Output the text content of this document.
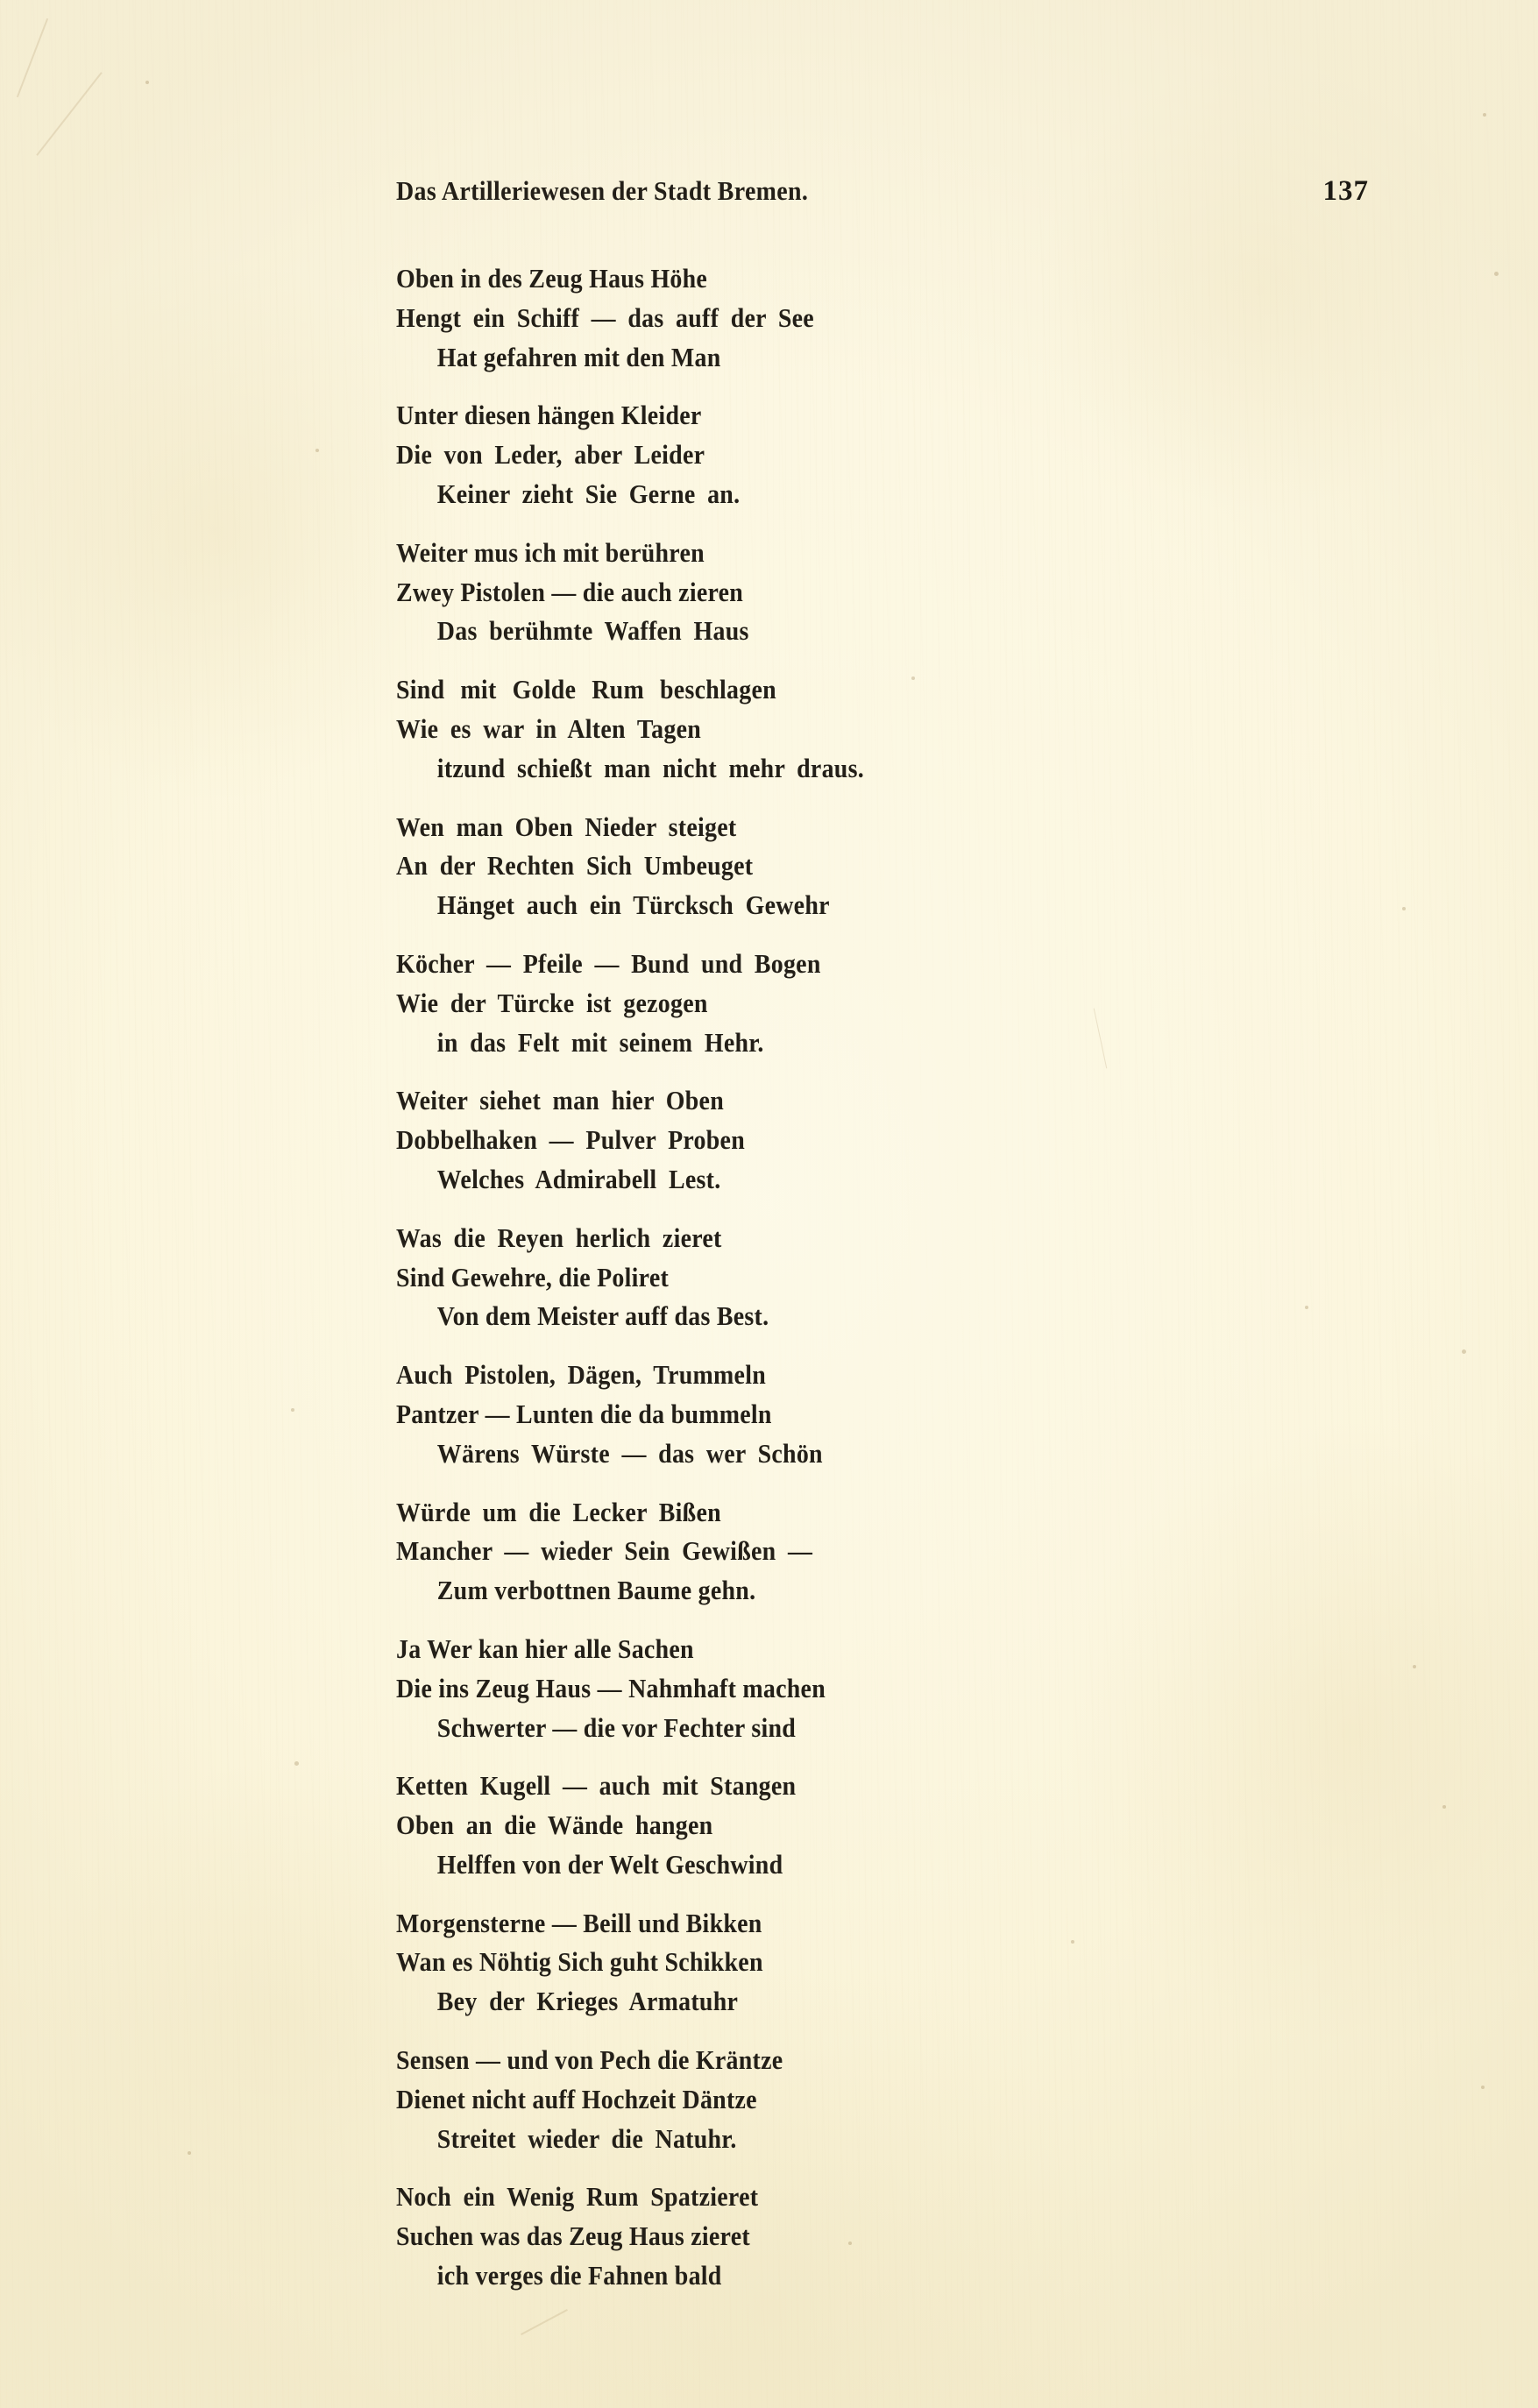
Das Artilleriewesen der Stadt Bremen.	137
Oben in des Zeug Haus Höhe
Hengt ein Schiff — das auff der See
Hat gefahren mit den Man
Unter diesen hängen Kleider
Die von Leder, aber Leider
Keiner zieht Sie Gerne an.
Weiter mus ich mit berühren
Zwey Pistolen — die auch zieren
Das berühmte Waffen Haus
Sind mit Golde Rum beschlagen
Wie es war in Alten Tagen
itzund schießt man nicht mehr draus.
Wen man Oben Nieder steiget
An der Rechten Sich Umbeuget
Hänget auch ein Türcksch Gewehr
Köcher — Pfeile — Bund und Bogen
Wie der Türcke ist gezogen
in das Felt mit seinem Hehr.
Weiter siehet man hier Oben
Dobbelhaken — Pulver Proben
Welches Admirabell Lest.
Was die Reyen herlich zieret
Sind Gewehre, die Poliret
Von dem Meister auff das Best.
Auch Pistolen, Dägen, Trummeln
Pantzer — Lunten die da bummeln
Wärens Würste — das wer Schön
Würde um die Lecker Bißen
Mancher — wieder Sein Gewißen —
Zum verbottnen Baume gehn.
Ja Wer kan hier alle Sachen
Die ins Zeug Haus — Nahmhaft machen
Schwerter — die vor Fechter sind
Ketten Kugell — auch mit Stangen
Oben an die Wände hangen
Helffen von der Welt Geschwind
Morgensterne — Beill und Bikken
Wan es Nöhtig Sich guht Schikken
Bey der Krieges Armatuhr
Sensen — und von Pech die Kräntze
Dienet nicht auff Hochzeit Däntze
Streitet wieder die Natuhr.
Noch ein Wenig Rum Spatzieret
Suchen was das Zeug Haus zieret
ich verges die Fahnen bald
